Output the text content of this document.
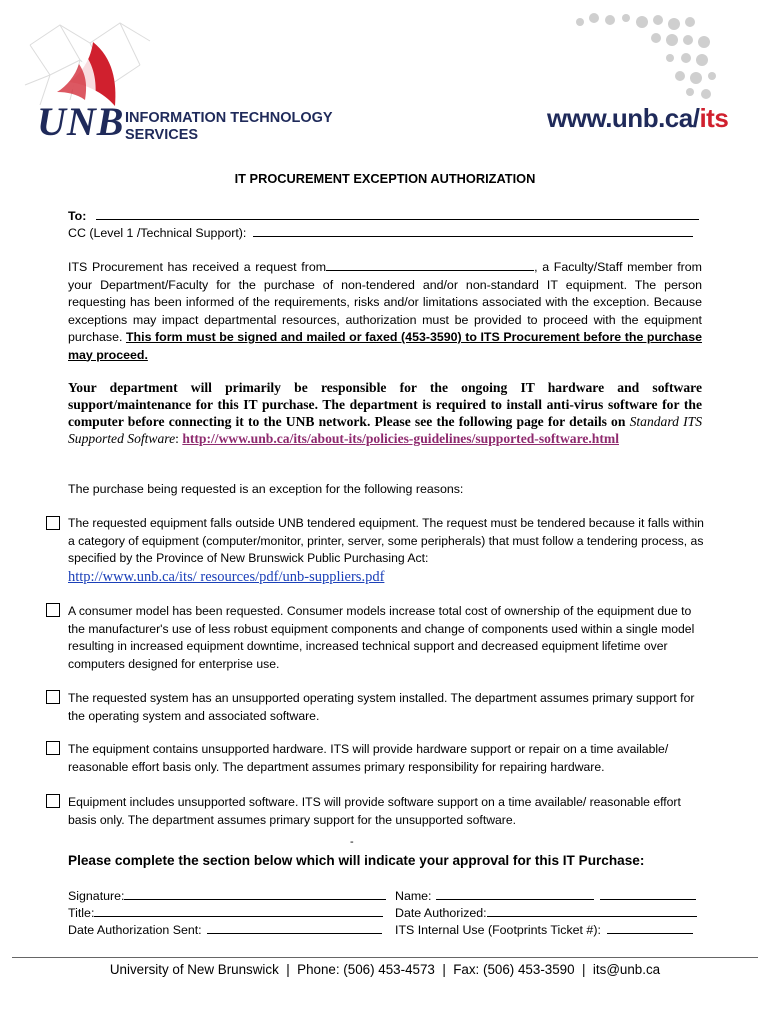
UNB INFORMATION TECHNOLOGY
SERVICES
www.unb.ca/its
IT PROCUREMENT EXCEPTION AUTHORIZATION
To:
CC (Level 1 /Technical Support):

ITS Procurement has received a request from	, a Faculty/Staff member from your Department/Faculty for the purchase of non-tendered and/or non-standard IT equipment. The person requesting has been informed of the requirements, risks and/or limitations associated with the exception. Because exceptions may impact departmental resources, authorization must be provided to proceed with the equipment purchase. This form must be signed and mailed or faxed (453-3590) to ITS Procurement before the purchase may proceed.

Your department will primarily be responsible for the ongoing IT hardware and software support/maintenance for this IT purchase. The department is required to install anti-virus software for the computer before connecting it to the UNB network. Please see the following page for details on Standard ITS Supported Software: http://www.unb.ca/its/about-its/policies-guidelines/supported-software.html

The purchase being requested is an exception for the following reasons:

The requested equipment falls outside UNB tendered equipment. The request must be tendered because it falls within a category of equipment (computer/monitor, printer, server, some peripherals) that must follow a tendering process, as specified by the Province of New Brunswick Public Purchasing Act:

http://www.unb.ca/its/ resources/pdf/unb-suppliers.pdf

A consumer model has been requested. Consumer models increase total cost of ownership of the equipment due to the manufacturer's use of less robust equipment components and change of components used within a single model resulting in increased equipment downtime, increased technical support and decreased equipment lifetime over computers designed for enterprise use.

The requested system has an unsupported operating system installed. The department assumes primary support for the operating system and associated software.

The equipment contains unsupported hardware. ITS will provide hardware support or repair on a time available/ reasonable effort basis only. The department assumes primary responsibility for repairing hardware.

Equipment includes unsupported software. ITS will provide software support on a time available/ reasonable effort basis only. The department assumes primary support for the unsupported software.

-
Please complete the section below which will indicate your approval for this IT Purchase:
Signature:	Name:
Title:	Date Authorized:
Date Authorization Sent:	ITS Internal Use (Footprints Ticket #):
University of New Brunswick  |  Phone: (506) 453-4573  |  Fax: (506) 453-3590  |  its@unb.ca
